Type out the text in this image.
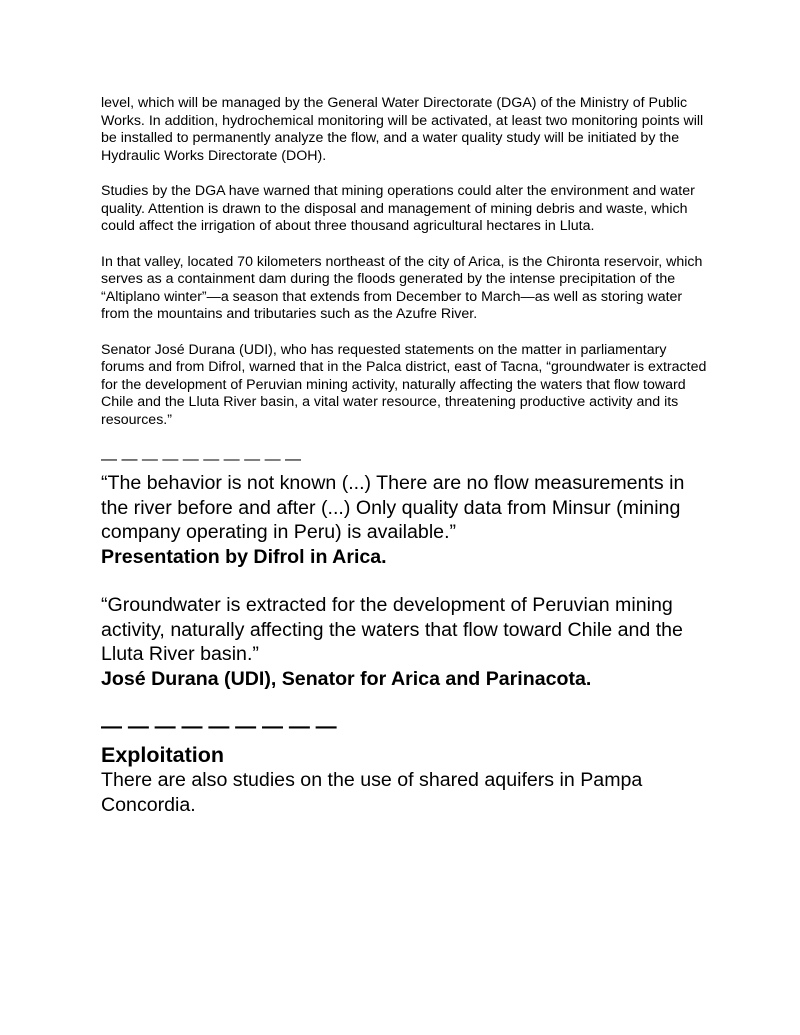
level, which will be managed by the General Water Directorate (DGA) of the Ministry of Public Works. In addition, hydrochemical monitoring will be activated, at least two monitoring points will be installed to permanently analyze the flow, and a water quality study will be initiated by the Hydraulic Works Directorate (DOH).

Studies by the DGA have warned that mining operations could alter the environment and water quality. Attention is drawn to the disposal and management of mining debris and waste, which could affect the irrigation of about three thousand agricultural hectares in Lluta.

In that valley, located 70 kilometers northeast of the city of Arica, is the Chironta reservoir, which serves as a containment dam during the floods generated by the intense precipitation of the “Altiplano winter”—a season that extends from December to March—as well as storing water from the mountains and tributaries such as the Azufre River.

Senator José Durana (UDI), who has requested statements on the matter in parliamentary forums and from Difrol, warned that in the Palca district, east of Tacna, “groundwater is extracted for the development of Peruvian mining activity, naturally affecting the waters that flow toward Chile and the Lluta River basin, a vital water resource, threatening productive activity and its resources.”

— — — — — — — — — —

“The behavior is not known (...) There are no flow measurements in the river before and after (...) Only quality data from Minsur (mining company operating in Peru) is available.”

Presentation by Difrol in Arica.

“Groundwater is extracted for the development of Peruvian mining activity, naturally affecting the waters that flow toward Chile and the Lluta River basin.”

José Durana (UDI), Senator for Arica and Parinacota.

— — — — — — — — —
Exploitation

There are also studies on the use of shared aquifers in Pampa Concordia.
